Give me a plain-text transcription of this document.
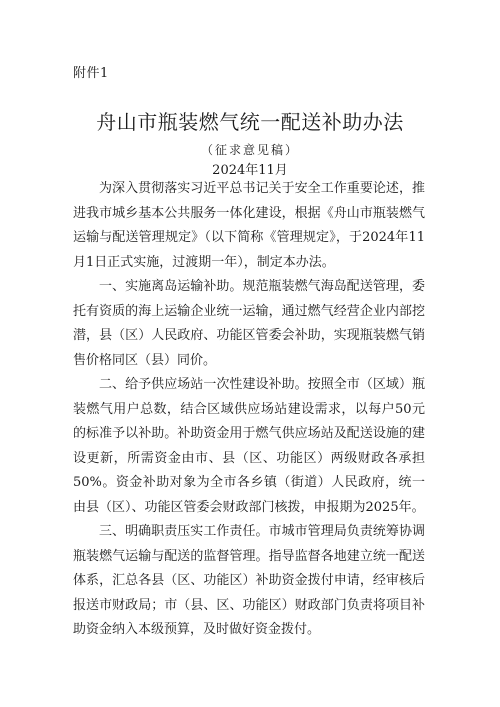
附件1
舟山市瓶装燃气统一配送补助办法
（征求意见稿）
2024年11月

为深入贯彻落实习近平总书记关于安全工作重要论述，推进我市城乡基本公共服务一体化建设，根据《舟山市瓶装燃气运输与配送管理规定》（以下简称《管理规定》，于2024年11月1日正式实施，过渡期一年），制定本办法。

一、实施离岛运输补助。规范瓶装燃气海岛配送管理，委托有资质的海上运输企业统一运输，通过燃气经营企业内部挖潜，县（区）人民政府、功能区管委会补助，实现瓶装燃气销售价格同区（县）同价。

二、给予供应场站一次性建设补助。按照全市（区域）瓶装燃气用户总数，结合区域供应场站建设需求，以每户50元的标准予以补助。补助资金用于燃气供应场站及配送设施的建设更新，所需资金由市、县（区、功能区）两级财政各承担50%。资金补助对象为全市各乡镇（街道）人民政府，统一由县（区）、功能区管委会财政部门核拨，申报期为2025年。

三、明确职责压实工作责任。市城市管理局负责统筹协调瓶装燃气运输与配送的监督管理。指导监督各地建立统一配送体系，汇总各县（区、功能区）补助资金拨付申请，经审核后报送市财政局；市（县、区、功能区）财政部门负责将项目补助资金纳入本级预算，及时做好资金拨付。
